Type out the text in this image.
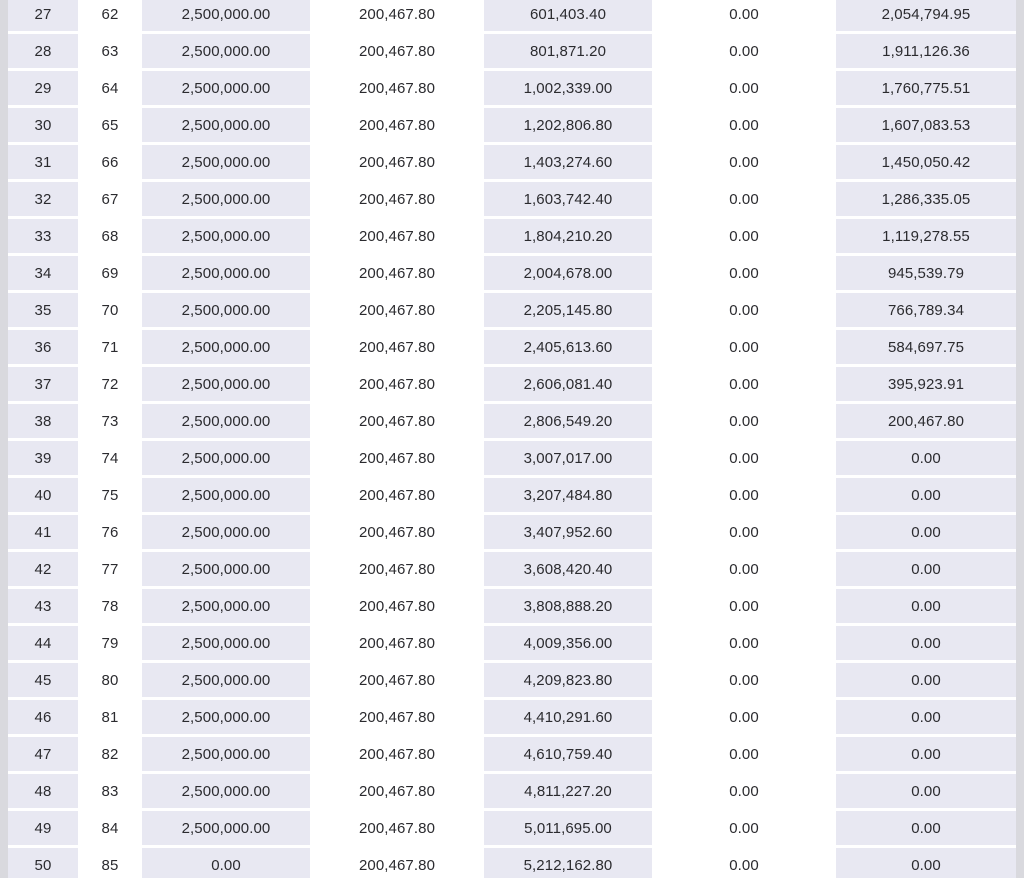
27	62	2,500,000.00	200,467.80	601,403.40	0.00	2,054,794.95
28	63	2,500,000.00	200,467.80	801,871.20	0.00	1,911,126.36
29	64	2,500,000.00	200,467.80	1,002,339.00	0.00	1,760,775.51
30	65	2,500,000.00	200,467.80	1,202,806.80	0.00	1,607,083.53
31	66	2,500,000.00	200,467.80	1,403,274.60	0.00	1,450,050.42
32	67	2,500,000.00	200,467.80	1,603,742.40	0.00	1,286,335.05
33	68	2,500,000.00	200,467.80	1,804,210.20	0.00	1,119,278.55
34	69	2,500,000.00	200,467.80	2,004,678.00	0.00	945,539.79
35	70	2,500,000.00	200,467.80	2,205,145.80	0.00	766,789.34
36	71	2,500,000.00	200,467.80	2,405,613.60	0.00	584,697.75
37	72	2,500,000.00	200,467.80	2,606,081.40	0.00	395,923.91
38	73	2,500,000.00	200,467.80	2,806,549.20	0.00	200,467.80
39	74	2,500,000.00	200,467.80	3,007,017.00	0.00	0.00
40	75	2,500,000.00	200,467.80	3,207,484.80	0.00	0.00
41	76	2,500,000.00	200,467.80	3,407,952.60	0.00	0.00
42	77	2,500,000.00	200,467.80	3,608,420.40	0.00	0.00
43	78	2,500,000.00	200,467.80	3,808,888.20	0.00	0.00
44	79	2,500,000.00	200,467.80	4,009,356.00	0.00	0.00
45	80	2,500,000.00	200,467.80	4,209,823.80	0.00	0.00
46	81	2,500,000.00	200,467.80	4,410,291.60	0.00	0.00
47	82	2,500,000.00	200,467.80	4,610,759.40	0.00	0.00
48	83	2,500,000.00	200,467.80	4,811,227.20	0.00	0.00
49	84	2,500,000.00	200,467.80	5,011,695.00	0.00	0.00
50	85	0.00	200,467.80	5,212,162.80	0.00	0.00
